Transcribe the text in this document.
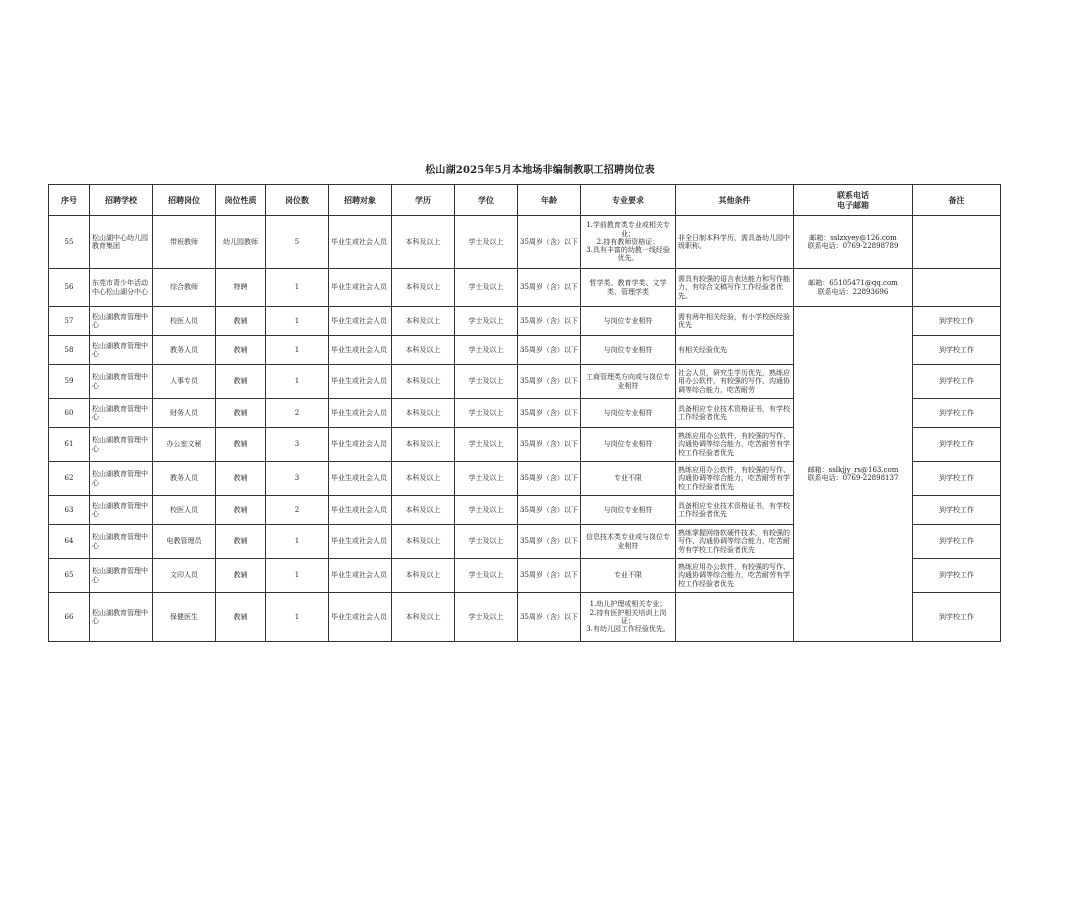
松山湖2025年5月本地场非编制教职工招聘岗位表
序号	招聘学校	招聘岗位	岗位性质	岗位数	招聘对象	学历	学位	年龄	专业要求	其他条件	联系电话
电子邮箱	备注

55	松山湖中心幼儿园教育集团	带班教师	幼儿园教师	5	毕业生或社会人员	本科及以上	学士及以上	35周岁（含）以下	1.学前教育类专业或相关专业；
2.持有教师资格证；
3.具有丰富的幼教一线经验优先。	非全日制本科学历，需具备幼儿园中级职称。	邮箱：sslzxyey@126.com
联系电话：0769-22898789	

56	东莞市青少年活动中心松山湖分中心	综合教师	特聘	1	毕业生或社会人员	本科及以上	学士及以上	35周岁（含）以下	哲学类、教育学类、文学类、管理学类	需具有较强的语言表达能力和写作能力，有综合文稿写作工作经验者优先。	邮箱：65105471@qq.com
联系电话：22893696	

57	松山湖教育管理中心	校医人员	教辅	1	毕业生或社会人员	本科及以上	学士及以上	35周岁（含）以下	与岗位专业相符	需有两年相关经验，有小学校医经验优先	邮箱：sslkjjy_rs@163.com
联系电话：0769-22898137	到学校工作

58	松山湖教育管理中心	教务人员	教辅	1	毕业生或社会人员	本科及以上	学士及以上	35周岁（含）以下	与岗位专业相符	有相关经验优先		到学校工作

59	松山湖教育管理中心	人事专员	教辅	1	毕业生或社会人员	本科及以上	学士及以上	35周岁（含）以下	工商管理类方向或与岗位专业相符	社会人员，研究生学历优先，熟练应用办公软件，有较强的写作、沟通协调等综合能力，吃苦耐劳		到学校工作

60	松山湖教育管理中心	财务人员	教辅	2	毕业生或社会人员	本科及以上	学士及以上	35周岁（含）以下	与岗位专业相符	具备相应专业技术资格证书，有学校工作经验者优先		到学校工作

61	松山湖教育管理中心	办公室文秘	教辅	3	毕业生或社会人员	本科及以上	学士及以上	35周岁（含）以下	与岗位专业相符	熟练应用办公软件，有较强的写作、沟通协调等综合能力，吃苦耐劳有学校工作经验者优先		到学校工作

62	松山湖教育管理中心	教务人员	教辅	3	毕业生或社会人员	本科及以上	学士及以上	35周岁（含）以下	专业不限	熟练应用办公软件，有较强的写作、沟通协调等综合能力，吃苦耐劳有学校工作经验者优先		到学校工作

63	松山湖教育管理中心	校医人员	教辅	2	毕业生或社会人员	本科及以上	学士及以上	35周岁（含）以下	与岗位专业相符	具备相应专业技术资格证书，有学校工作经验者优先		到学校工作

64	松山湖教育管理中心	电教管理员	教辅	1	毕业生或社会人员	本科及以上	学士及以上	35周岁（含）以下	信息技术类专业或与岗位专业相符	熟练掌握网络软硬件技术，有较强的写作、沟通协调等综合能力，吃苦耐劳有学校工作经验者优先		到学校工作

65	松山湖教育管理中心	文印人员	教辅	1	毕业生或社会人员	本科及以上	学士及以上	35周岁（含）以下	专业不限	熟练应用办公软件，有较强的写作、沟通协调等综合能力，吃苦耐劳有学校工作经验者优先		到学校工作

66	松山湖教育管理中心	保健医生	教辅	1	毕业生或社会人员	本科及以上	学士及以上	35周岁（含）以下	1.幼儿护理或相关专业；
2.持有医护相关培训上岗证；
3.有幼儿园工作经验优先。			到学校工作
